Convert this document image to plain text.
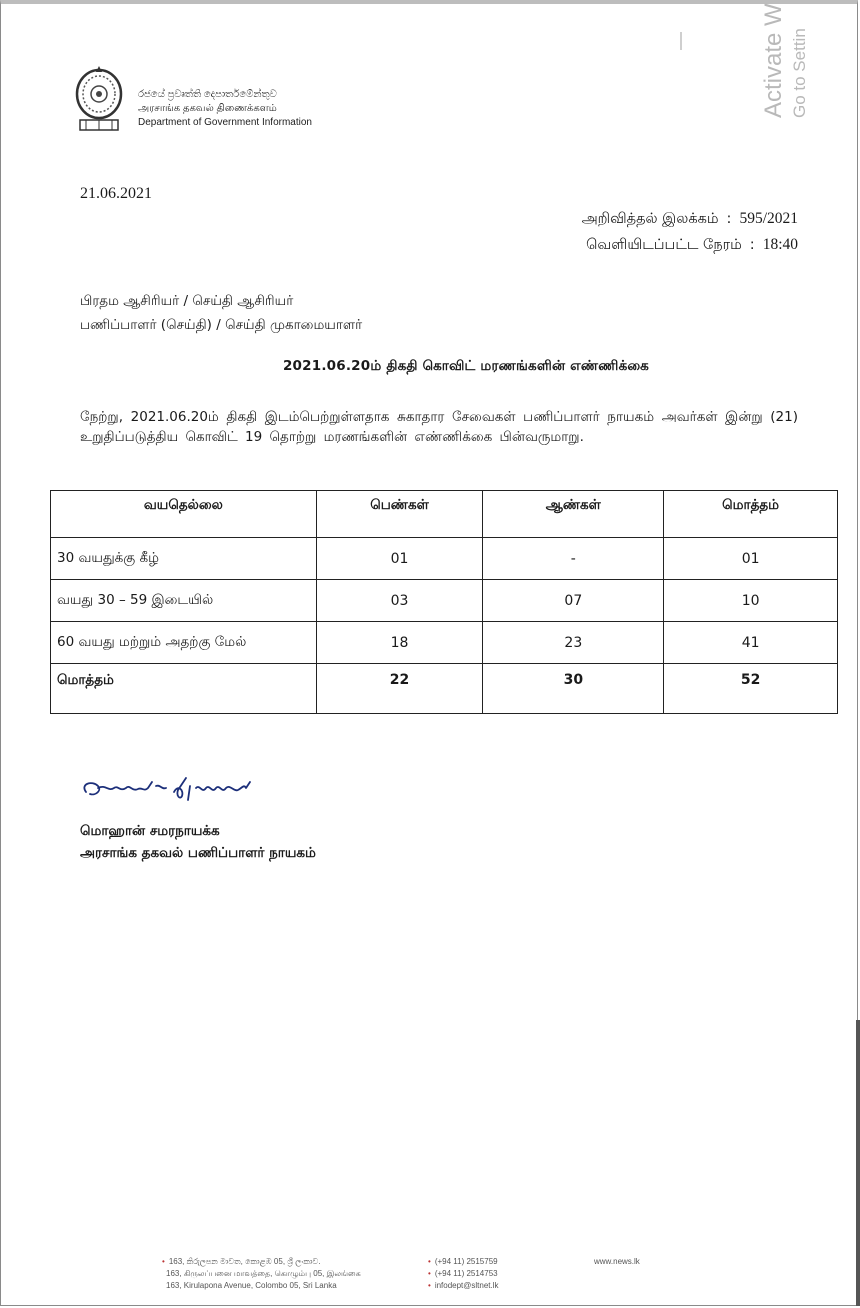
Activate W Go to Settin
රජයේ ප්‍රවෘත්ති දෙපාර්තමේන්තුව
அரசாங்க தகவல் திணைக்களம்
Department of Government Information
21.06.2021
அறிவித்தல் இலக்கம் : 595/2021
வெளியிடப்பட்ட நேரம் : 18:40
பிரதம ஆசிரியர் / செய்தி ஆசிரியர்
பணிப்பாளர் (செய்தி) / செய்தி முகாமையாளர்
2021.06.20ம் திகதி கொவிட் மரணங்களின் எண்ணிக்கை
நேற்று, 2021.06.20ம் திகதி இடம்பெற்றுள்ளதாக சுகாதார சேவைகள் பணிப்பாளர் நாயகம் அவர்கள் இன்று (21) உறுதிப்படுத்திய கொவிட் 19 தொற்று மரணங்களின் எண்ணிக்கை பின்வருமாறு.
வயதெல்லை	பெண்கள்	ஆண்கள்	மொத்தம்
30 வயதுக்கு கீழ்	01	-	01
வயது 30 – 59 இடையில்	03	07	10
60 வயது மற்றும் அதற்கு மேல்	18	23	41
மொத்தம்	22	30	52
மொஹான் சமரநாயக்க
அரசாங்க தகவல் பணிப்பாளர் நாயகம்
• 163, කිරුලපන මාවත, කොළඹ 05, ශ්‍රී ලංකාව.
163, கிருலப்பனை மாவத்தை, கொழும்பு 05, இலங்கை
163, Kirulapona Avenue, Colombo 05, Sri Lanka
• (+94 11) 2515759
• (+94 11) 2514753
• infodept@sltnet.lk
www.news.lk
